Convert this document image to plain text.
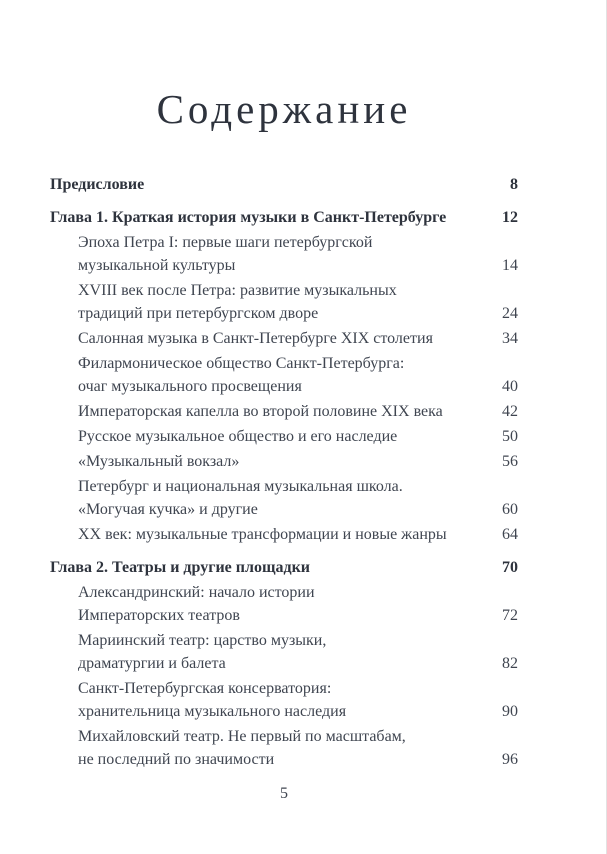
Содержание
Предисловие	8
Глава 1. Краткая история музыки в Санкт-Петербурге	12
Эпоха Петра I: первые шаги петербургской
музыкальной культуры	14
XVIII век после Петра: развитие музыкальных
традиций при петербургском дворе	24
Салонная музыка в Санкт-Петербурге XIX столетия	34
Филармоническое общество Санкт-Петербурга:
очаг музыкального просвещения	40
Императорская капелла во второй половине XIX века	42
Русское музыкальное общество и его наследие	50
«Музыкальный вокзал»	56
Петербург и национальная музыкальная школа.
«Могучая кучка» и другие	60
XX век: музыкальные трансформации и новые жанры	64
Глава 2. Театры и другие площадки	70
Александринский: начало истории
Императорских театров	72
Мариинский театр: царство музыки,
драматургии и балета	82
Санкт-Петербургская консерватория:
хранительница музыкального наследия	90
Михайловский театр. Не первый по масштабам,
не последний по значимости	96
5
